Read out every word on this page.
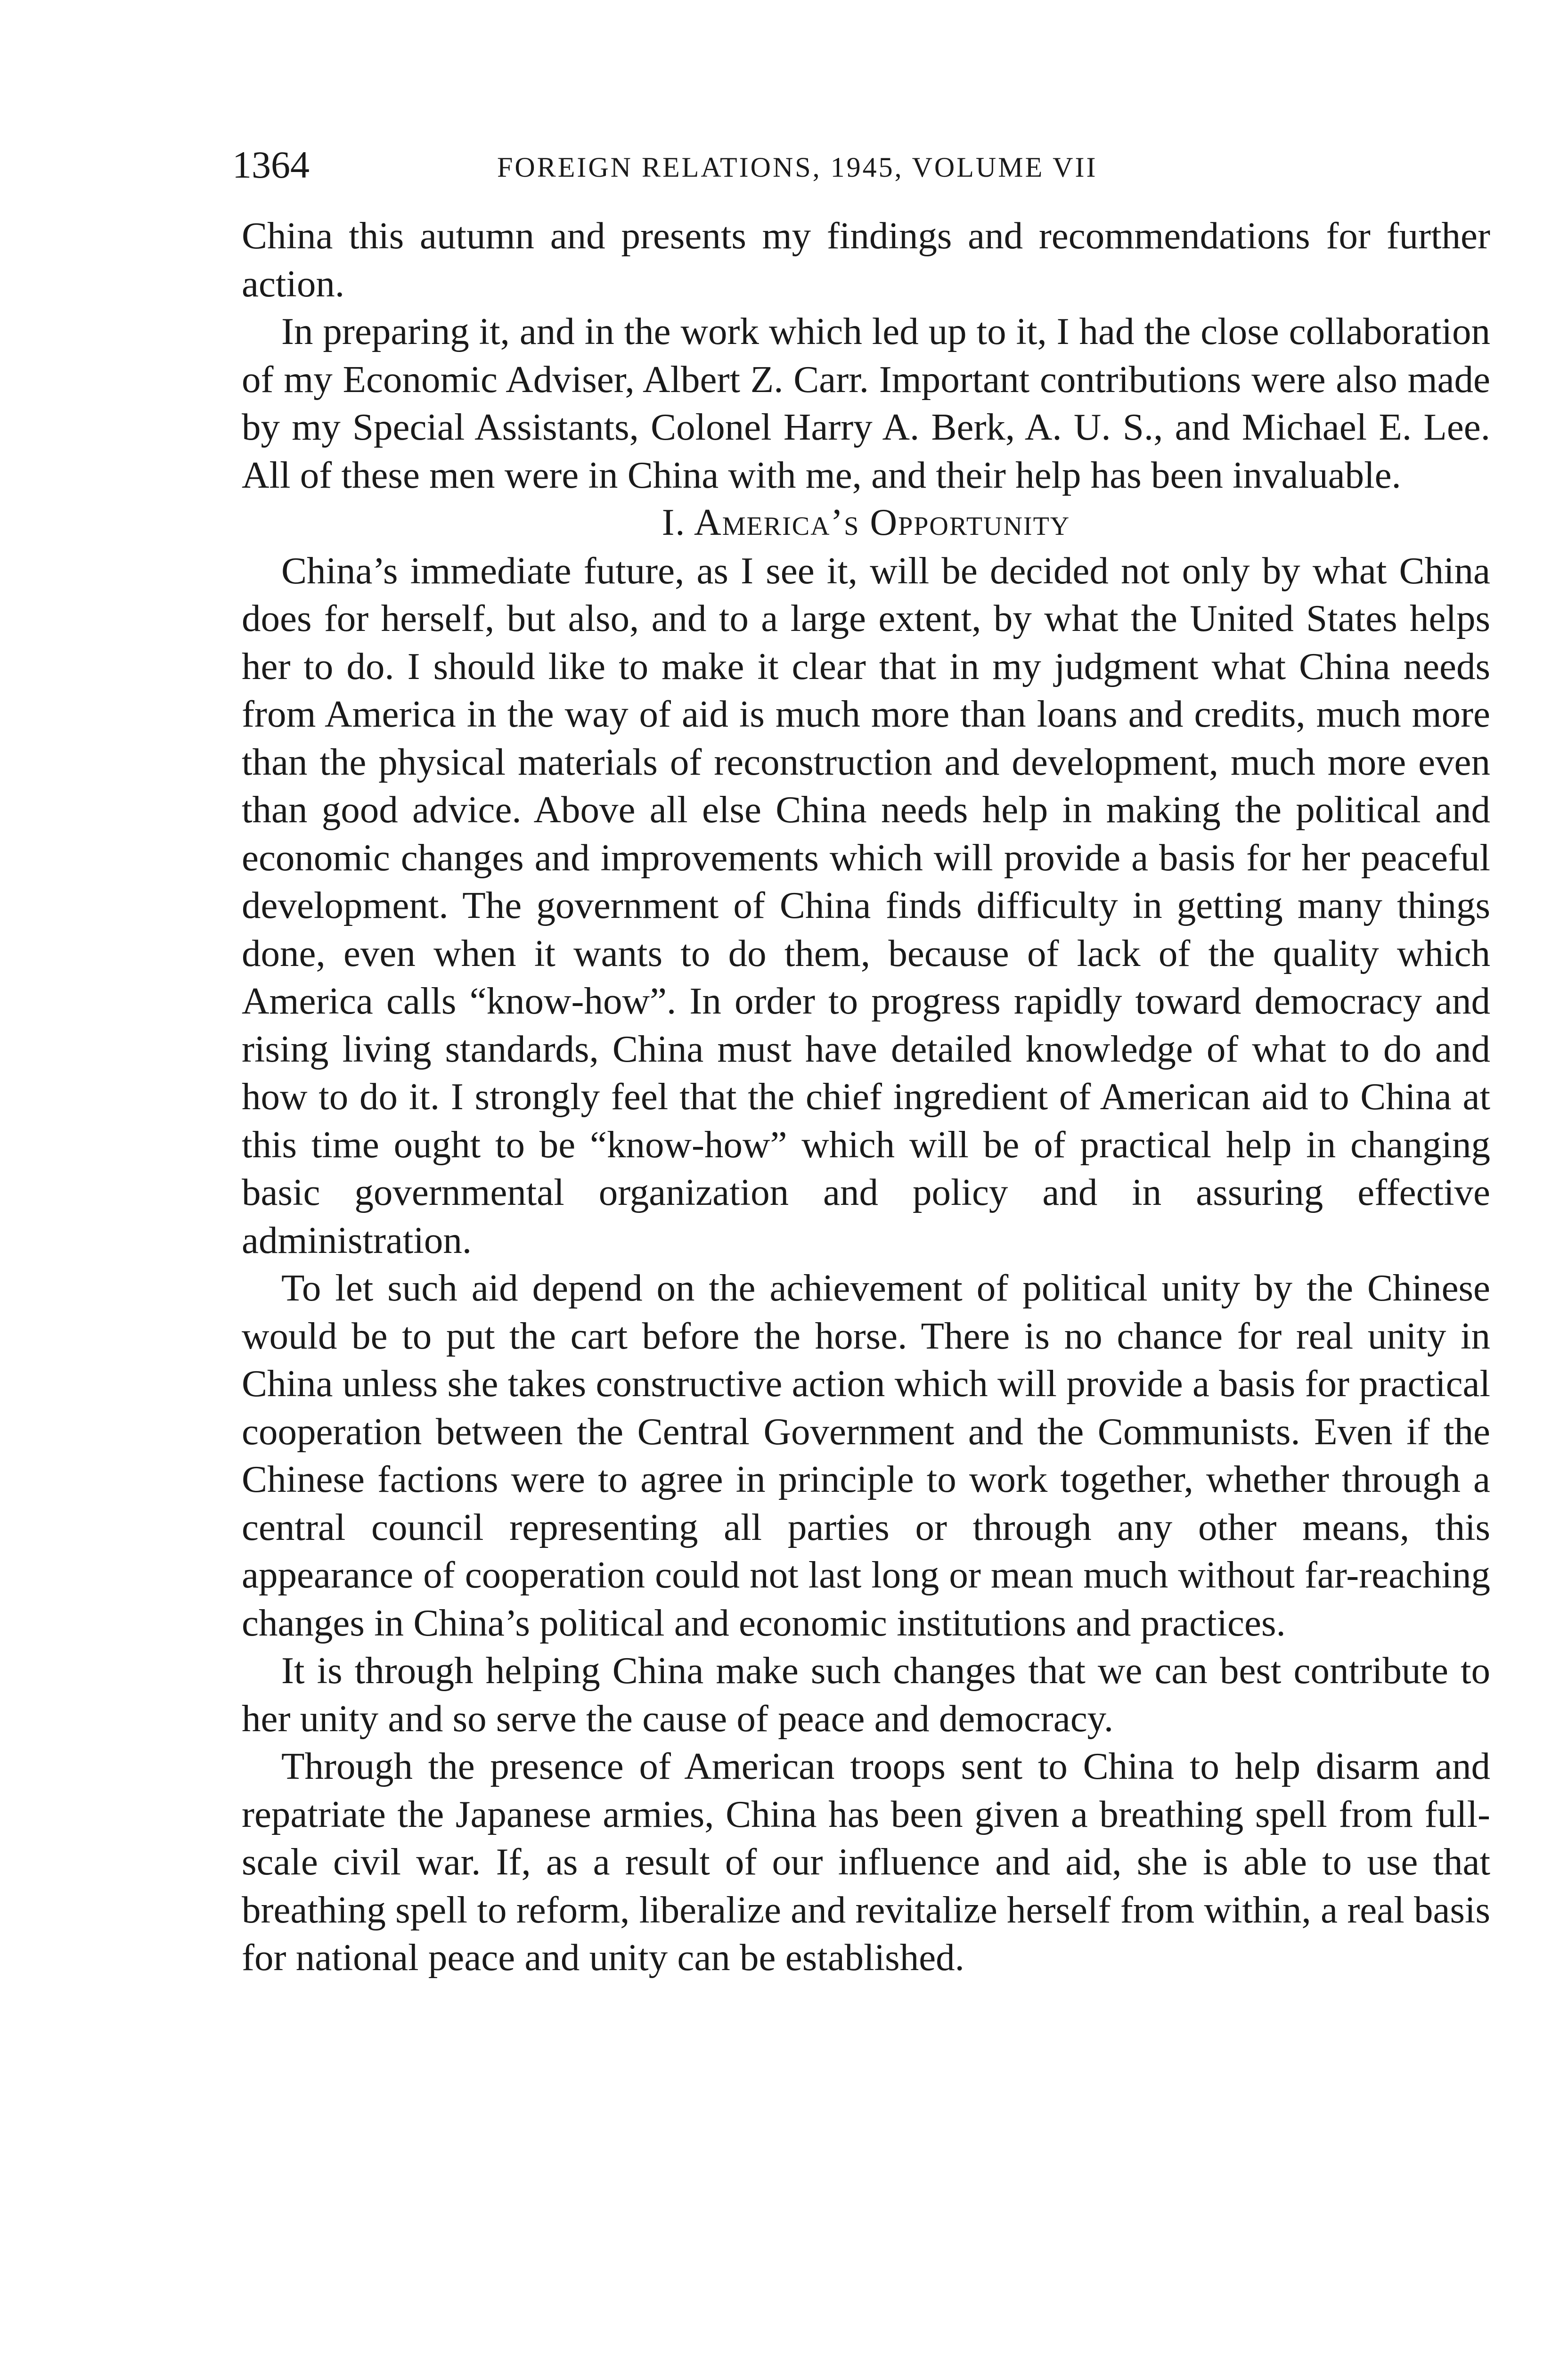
1364	FOREIGN RELATIONS, 1945, VOLUME VII

China this autumn and presents my findings and recommendations for further action.

In preparing it, and in the work which led up to it, I had the close collaboration of my Economic Adviser, Albert Z. Carr. Important contributions were also made by my Special Assistants, Colonel Harry A. Berk, A. U. S., and Michael E. Lee. All of these men were in China with me, and their help has been invaluable.

I. America’s Opportunity

China’s immediate future, as I see it, will be decided not only by what China does for herself, but also, and to a large extent, by what the United States helps her to do. I should like to make it clear that in my judgment what China needs from America in the way of aid is much more than loans and credits, much more than the physical materials of reconstruction and development, much more even than good advice. Above all else China needs help in making the political and economic changes and improvements which will provide a basis for her peaceful development. The government of China finds difficulty in getting many things done, even when it wants to do them, because of lack of the quality which America calls “know-how”. In order to progress rapidly toward democracy and rising living standards, China must have detailed knowledge of what to do and how to do it. I strongly feel that the chief ingredient of American aid to China at this time ought to be “know-how” which will be of practical help in changing basic governmental organization and policy and in assuring effective administration.

To let such aid depend on the achievement of political unity by the Chinese would be to put the cart before the horse. There is no chance for real unity in China unless she takes constructive action which will provide a basis for practical cooperation between the Central Government and the Communists. Even if the Chinese factions were to agree in principle to work together, whether through a central council representing all parties or through any other means, this appearance of cooperation could not last long or mean much without far-reaching changes in China’s political and economic institutions and practices.

It is through helping China make such changes that we can best contribute to her unity and so serve the cause of peace and democracy.

Through the presence of American troops sent to China to help disarm and repatriate the Japanese armies, China has been given a breathing spell from full-scale civil war. If, as a result of our influence and aid, she is able to use that breathing spell to reform, liberalize and revitalize herself from within, a real basis for national peace and unity can be established.
